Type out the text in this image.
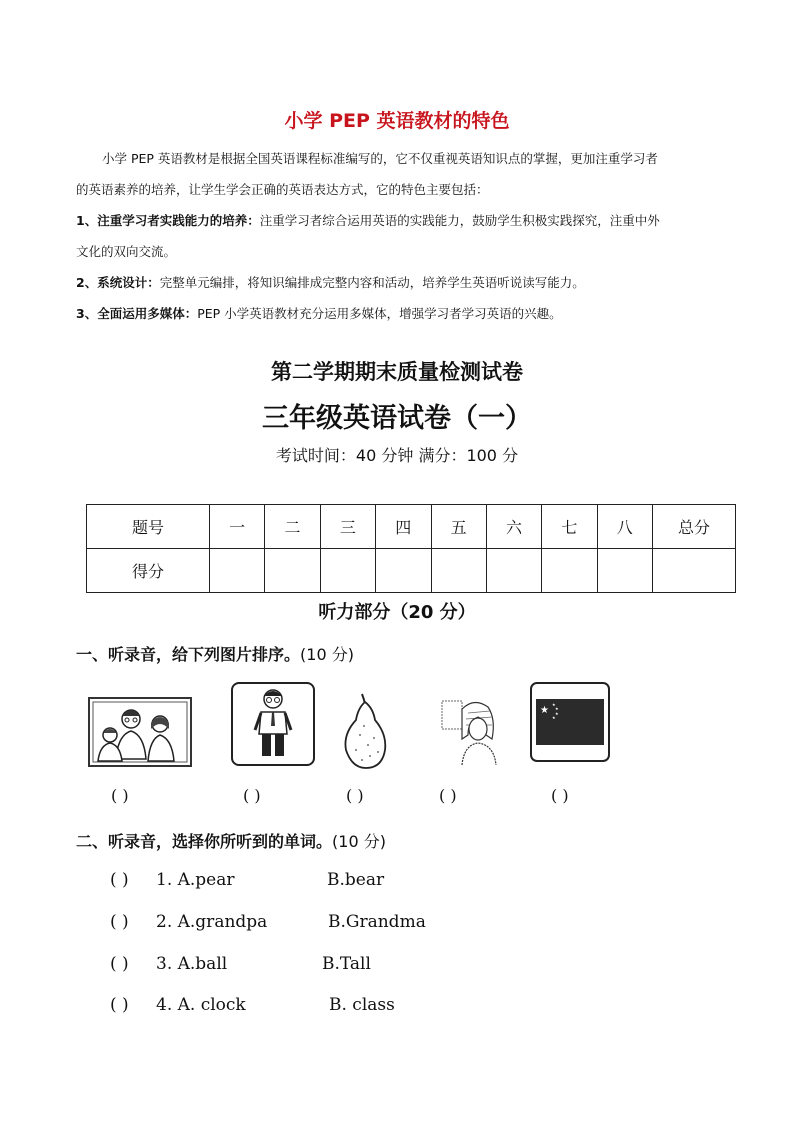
小学 PEP 英语教材的特色
小学 PEP 英语教材是根据全国英语课程标准编写的，它不仅重视英语知识点的掌握，更加注重学习者
的英语素养的培养，让学生学会正确的英语表达方式，它的特色主要包括：
1、注重学习者实践能力的培养：注重学习者综合运用英语的实践能力，鼓励学生积极实践探究，注重中外
文化的双向交流。
2、系统设计：完整单元编排，将知识编排成完整内容和活动，培养学生英语听说读写能力。
3、全面运用多媒体：PEP 小学英语教材充分运用多媒体，增强学习者学习英语的兴趣。
第二学期期末质量检测试卷
三年级英语试卷（一）
考试时间：40 分钟 满分：100 分
题号	一	二	三	四	五	六	七	八	总分
得分									
听力部分（20 分）
一、听录音，给下列图片排序。(10 分)
★
★
★
★
★
( )	( )	( )	( )	( )
二、听录音，选择你所听到的单词。(10 分)
( ) 1. A.pear	B.bear
( ) 2. A.grandpa	B.Grandma
( ) 3. A.ball	B.Tall
( ) 4. A. clock	B. class
